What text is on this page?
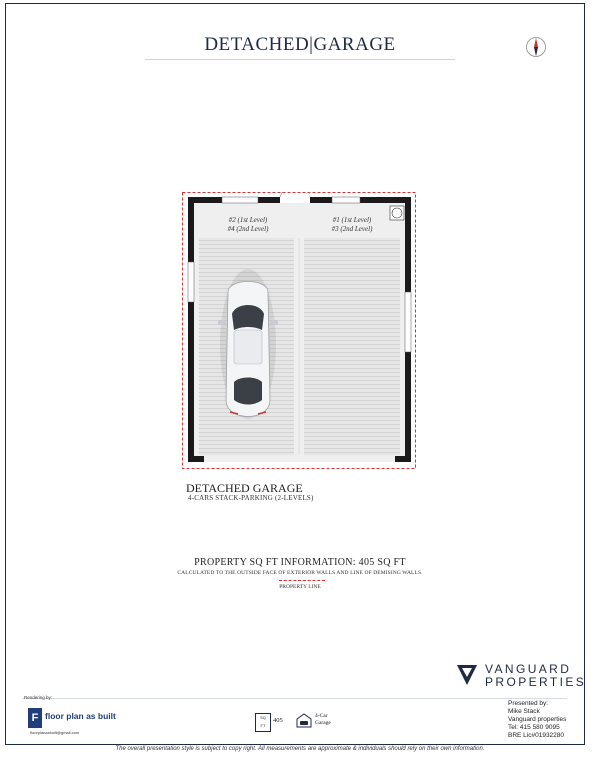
DETACHED|GARAGE
#2 (1st Level)
#4 (2nd Level)
#1 (1st Level)
#3 (2nd Level)
DETACHED GARAGE
4-CARS STACK-PARKING (2-LEVELS)
PROPERTY SQ FT INFORMATION: 405 SQ FT
CALCULATED TO THE OUTSIDE FACE OF EXTERIOR WALLS AND LINE OF DEMISING WALLS.
PROPERTY LINE
VANGUARD
PROPERTIES
Rendering by:
F floor plan as built
floorplanasbuilt@gmail.com
SQ
FT
405
4-Car
Garage
Presented by:
Mike Stack
Vanguard properties
Tel: 415 580 9095
BRE Lic#01932280
The overall presentation style is subject to copy right. All measurements are approximate & individuals should rely on their own information.
